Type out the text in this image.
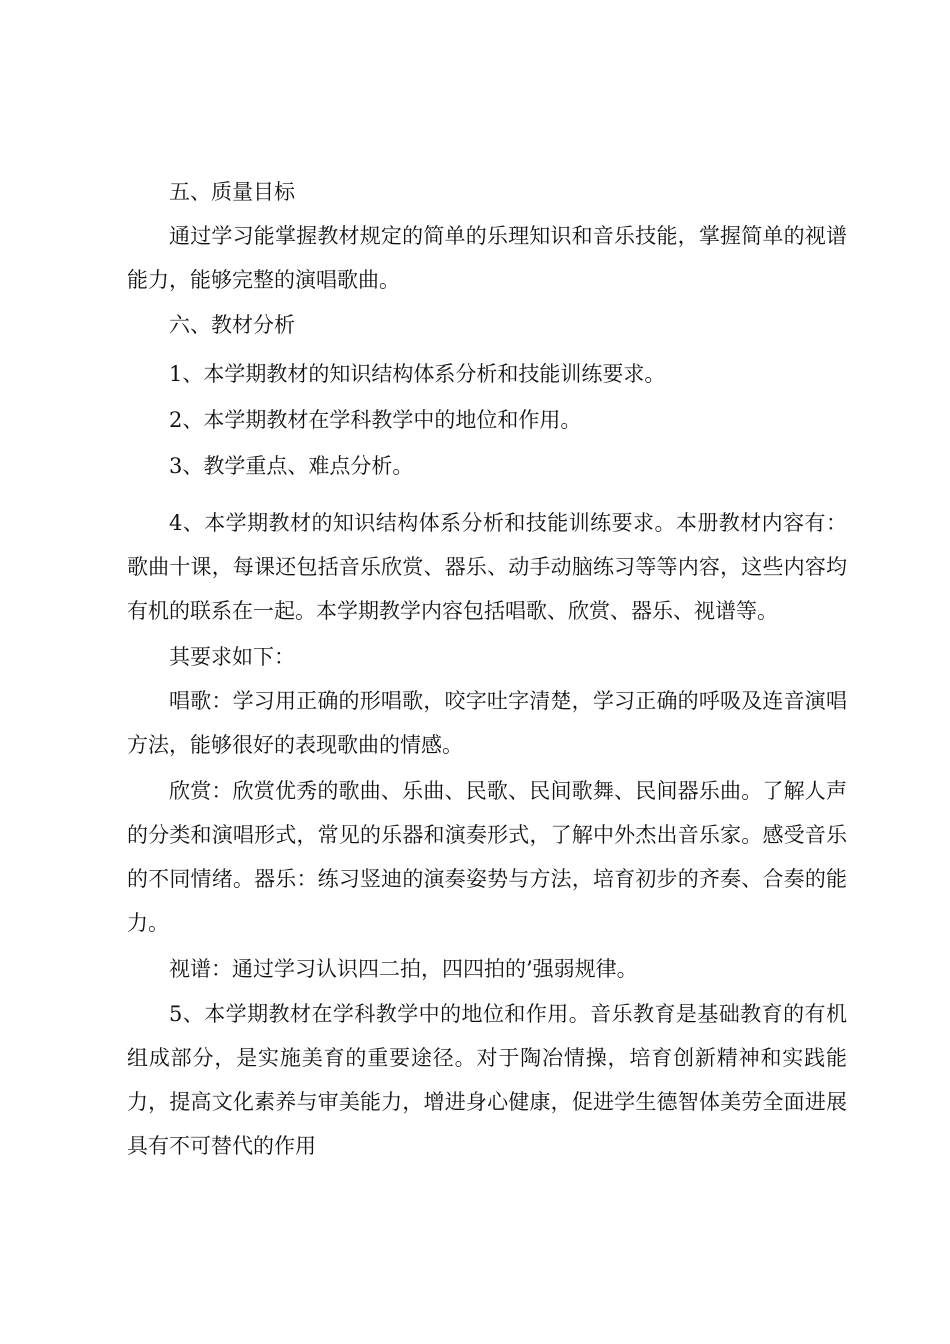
五、质量目标

通过学习能掌握教材规定的简单的乐理知识和音乐技能，掌握简单的视谱能力，能够完整的演唱歌曲。

六、教材分析

1、本学期教材的知识结构体系分析和技能训练要求。

2、本学期教材在学科教学中的地位和作用。

3、教学重点、难点分析。

4、本学期教材的知识结构体系分析和技能训练要求。本册教材内容有：歌曲十课，每课还包括音乐欣赏、器乐、动手动脑练习等等内容，这些内容均有机的联系在一起。本学期教学内容包括唱歌、欣赏、器乐、视谱等。

其要求如下：

唱歌：学习用正确的形唱歌，咬字吐字清楚，学习正确的呼吸及连音演唱方法，能够很好的表现歌曲的情感。

欣赏：欣赏优秀的歌曲、乐曲、民歌、民间歌舞、民间器乐曲。了解人声的分类和演唱形式，常见的乐器和演奏形式，了解中外杰出音乐家。感受音乐的不同情绪。器乐：练习竖迪的演奏姿势与方法，培育初步的齐奏、合奏的能力。

视谱：通过学习认识四二拍，四四拍的’强弱规律。

5、本学期教材在学科教学中的地位和作用。音乐教育是基础教育的有机组成部分，是实施美育的重要途径。对于陶冶情操，培育创新精神和实践能力，提高文化素养与审美能力，增进身心健康，促进学生德智体美劳全面进展具有不可替代的作用
